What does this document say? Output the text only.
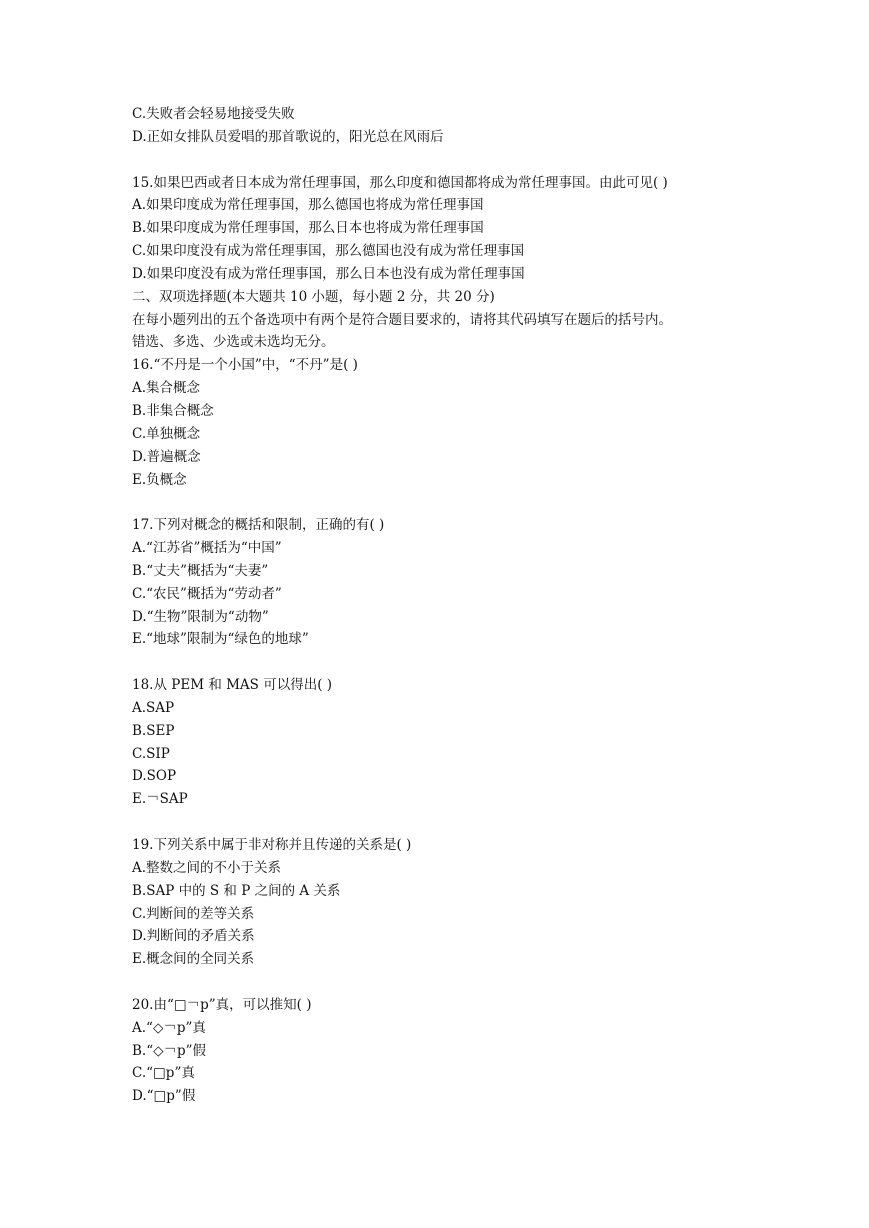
C.失败者会轻易地接受失败
D.正如女排队员爱唱的那首歌说的，阳光总在风雨后
15.如果巴西或者日本成为常任理事国，那么印度和德国都将成为常任理事国。由此可见( )
A.如果印度成为常任理事国，那么德国也将成为常任理事国
B.如果印度成为常任理事国，那么日本也将成为常任理事国
C.如果印度没有成为常任理事国，那么德国也没有成为常任理事国
D.如果印度没有成为常任理事国，那么日本也没有成为常任理事国
二、双项选择题(本大题共 10 小题，每小题 2 分，共 20 分)
在每小题列出的五个备选项中有两个是符合题目要求的，请将其代码填写在题后的括号内。
错选、多选、少选或未选均无分。
16.“不丹是一个小国”中，“不丹”是( )
A.集合概念
B.非集合概念
C.单独概念
D.普遍概念
E.负概念
17.下列对概念的概括和限制，正确的有( )
A.“江苏省”概括为“中国”
B.“丈夫”概括为“夫妻”
C.“农民”概括为“劳动者”
D.“生物”限制为“动物”
E.“地球”限制为“绿色的地球”
18.从 PEM 和 MAS 可以得出( )
A.SAP
B.SEP
C.SIP
D.SOP
E.￢SAP
19.下列关系中属于非对称并且传递的关系是( )
A.整数之间的不小于关系
B.SAP 中的 S 和 P 之间的 A 关系
C.判断间的差等关系
D.判断间的矛盾关系
E.概念间的全同关系
20.由“□￢p”真，可以推知( )
A.“◇￢p”真
B.“◇￢p”假
C.“□p”真
D.“□p”假
